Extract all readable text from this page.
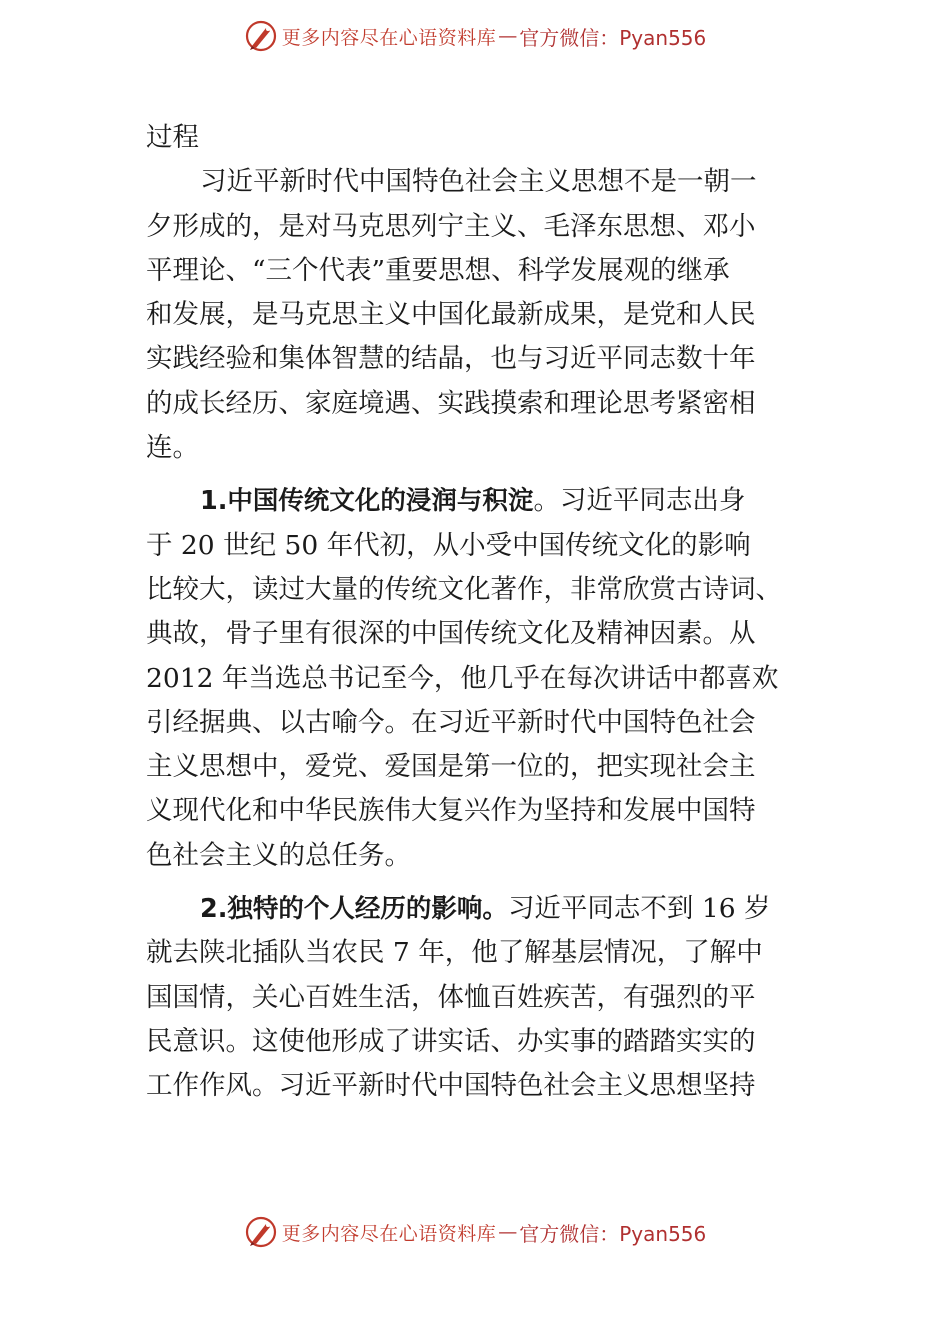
更多内容尽在心语资料库 — 官方微信：Pyan556
过程
习近平新时代中国特色社会主义思想不是一朝一
夕形成的，是对马克思列宁主义、毛泽东思想、邓小
平理论、“三个代表”重要思想、科学发展观的继承
和发展，是马克思主义中国化最新成果，是党和人民
实践经验和集体智慧的结晶，也与习近平同志数十年
的成长经历、家庭境遇、实践摸索和理论思考紧密相
连。
1.中国传统文化的浸润与积淀。习近平同志出身
于 20 世纪 50 年代初，从小受中国传统文化的影响
比较大，读过大量的传统文化著作，非常欣赏古诗词、
典故，骨子里有很深的中国传统文化及精神因素。从
2012 年当选总书记至今，他几乎在每次讲话中都喜欢
引经据典、以古喻今。在习近平新时代中国特色社会
主义思想中，爱党、爱国是第一位的，把实现社会主
义现代化和中华民族伟大复兴作为坚持和发展中国特
色社会主义的总任务。
2.独特的个人经历的影响。习近平同志不到 16 岁
就去陕北插队当农民 7 年，他了解基层情况，了解中
国国情，关心百姓生活，体恤百姓疾苦，有强烈的平
民意识。这使他形成了讲实话、办实事的踏踏实实的
工作作风。习近平新时代中国特色社会主义思想坚持
更多内容尽在心语资料库 — 官方微信：Pyan556
